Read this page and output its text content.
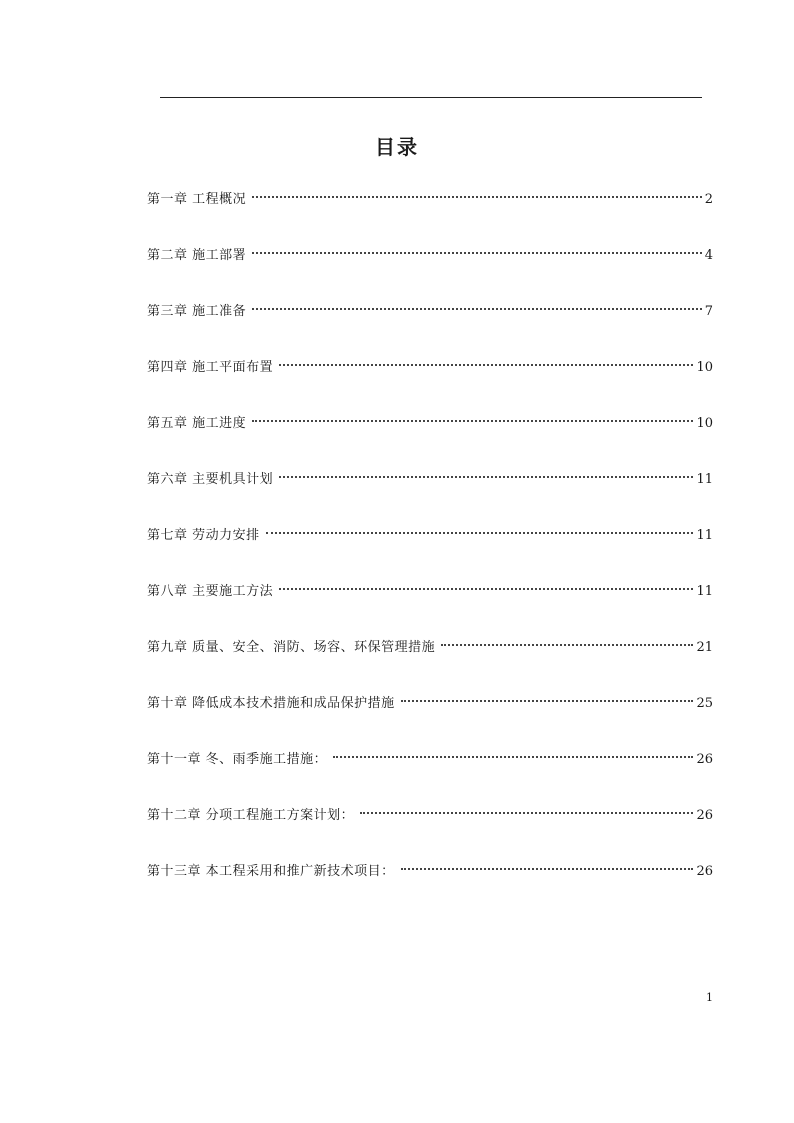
目录
第一章 工程概况	2
第二章 施工部署	4
第三章 施工准备	7
第四章 施工平面布置	10
第五章 施工进度	10
第六章 主要机具计划	11
第七章 劳动力安排	11
第八章 主要施工方法	11
第九章 质量、安全、消防、场容、环保管理措施	21
第十章 降低成本技术措施和成品保护措施	25
第十一章 冬、雨季施工措施：	26
第十二章 分项工程施工方案计划：	26
第十三章 本工程采用和推广新技术项目：	26
1
